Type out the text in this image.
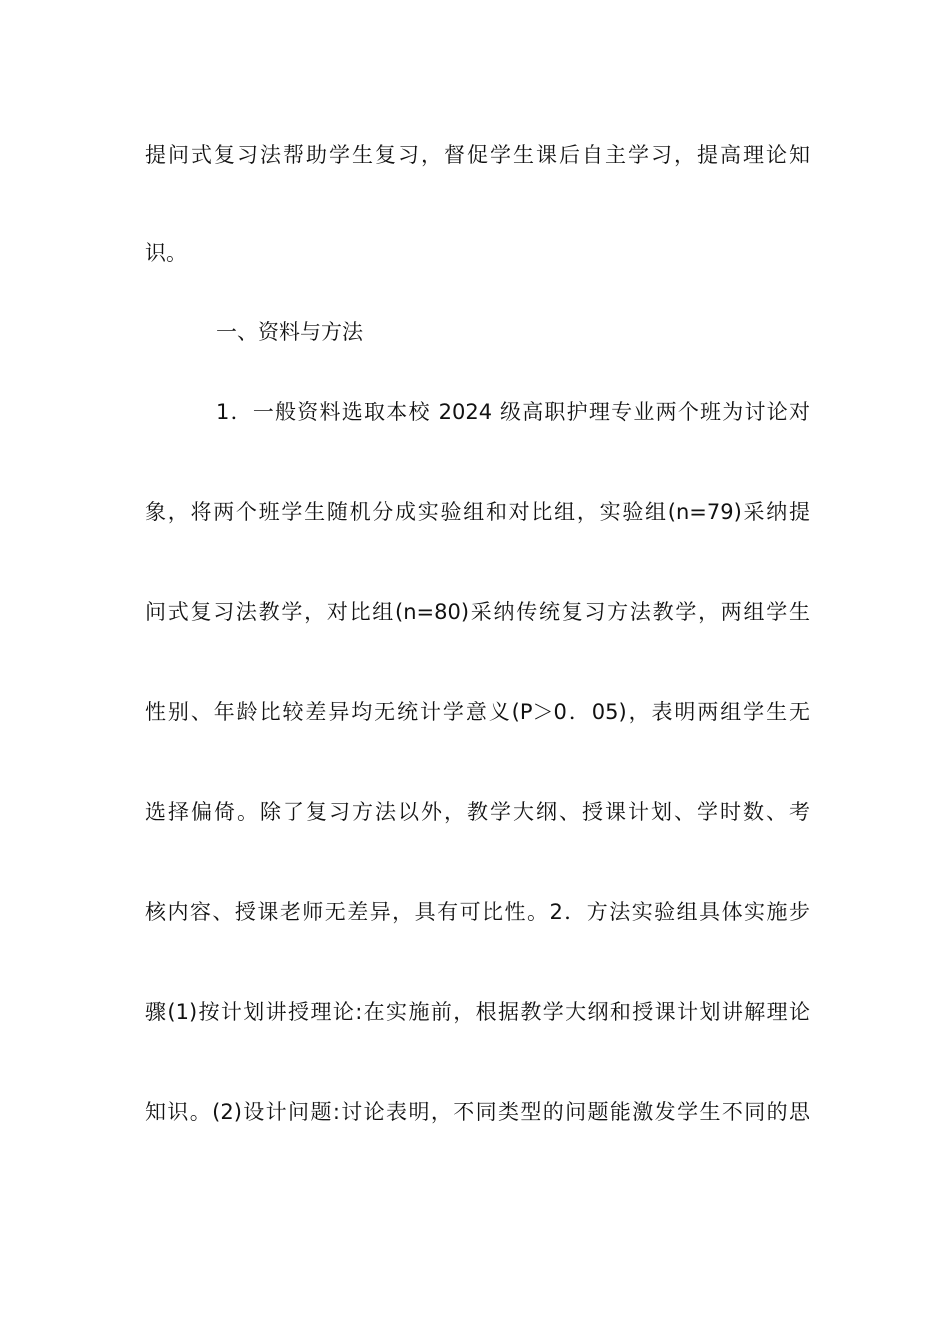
提问式复习法帮助学生复习，督促学生课后自主学习，提高理论知
识。
一、资料与方法
1．一般资料选取本校 2024 级高职护理专业两个班为讨论对
象，将两个班学生随机分成实验组和对比组，实验组(n=79)采纳提
问式复习法教学，对比组(n=80)采纳传统复习方法教学，两组学生
性别、年龄比较差异均无统计学意义(P＞0．05)，表明两组学生无
选择偏倚。除了复习方法以外，教学大纲、授课计划、学时数、考
核内容、授课老师无差异，具有可比性。2．方法实验组具体实施步
骤(1)按计划讲授理论:在实施前，根据教学大纲和授课计划讲解理论
知识。(2)设计问题:讨论表明，不同类型的问题能激发学生不同的思
